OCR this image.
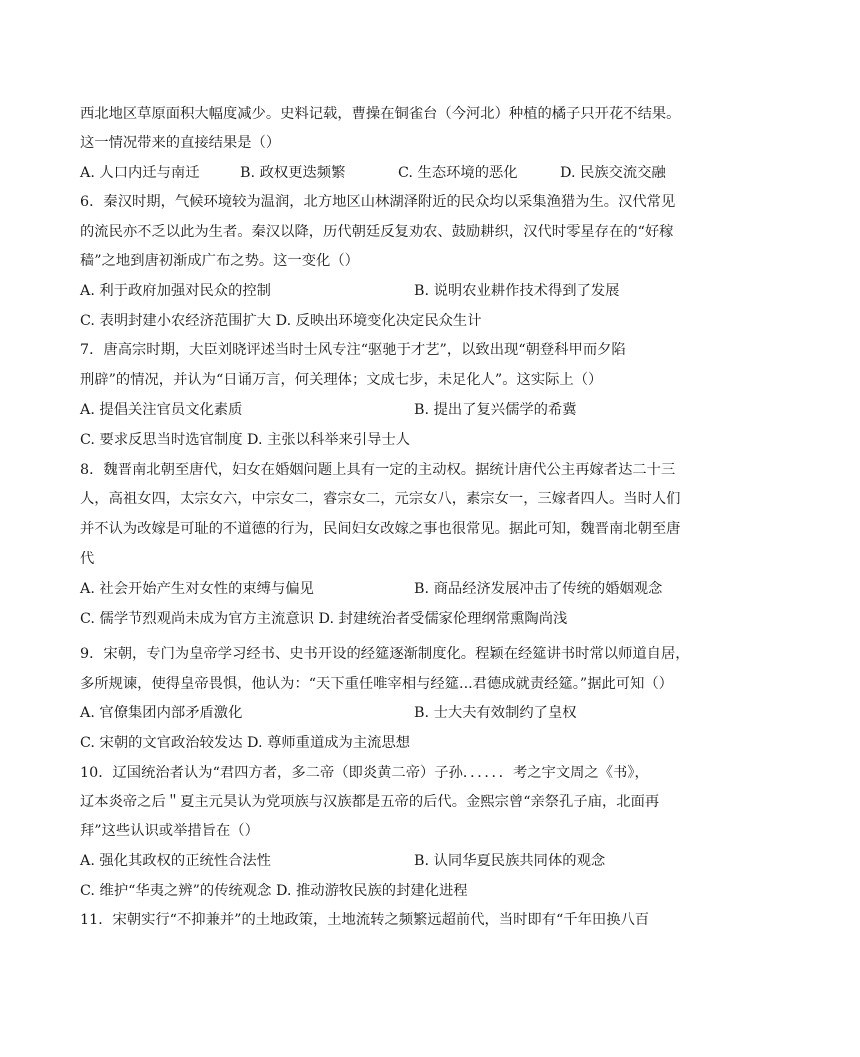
西北地区草原面积大幅度减少。史料记载，曹操在铜雀台（今河北）种植的橘子只开花不结果。
这一情况带来的直接结果是（）
A. 人口内迁与南迁	B. 政权更迭频繁	C. 生态环境的恶化	D. 民族交流交融
6．秦汉时期，气候环境较为温润，北方地区山林湖泽附近的民众均以采集渔猎为生。汉代常见
的流民亦不乏以此为生者。秦汉以降，历代朝廷反复劝农、鼓励耕织，汉代时零星存在的“好稼
穑”之地到唐初渐成广布之势。这一变化（）
A. 利于政府加强对民众的控制	B. 说明农业耕作技术得到了发展
C. 表明封建小农经济范围扩大 D. 反映出环境变化决定民众生计
7．唐高宗时期，大臣刘晓评述当时士风专注“驱驰于才艺”，以致出现“朝登科甲而夕陷
刑辟”的情况，并认为“日诵万言，何关理体；文成七步，未足化人”。这实际上（）
A. 提倡关注官员文化素质	B. 提出了复兴儒学的希冀
C. 要求反思当时选官制度 D. 主张以科举来引导士人
8．魏晋南北朝至唐代，妇女在婚姻问题上具有一定的主动权。据统计唐代公主再嫁者达二十三
人，高祖女四，太宗女六，中宗女二，睿宗女二，元宗女八，素宗女一，三嫁者四人。当时人们
并不认为改嫁是可耻的不道德的行为，民间妇女改嫁之事也很常见。据此可知，魏晋南北朝至唐
代
A. 社会开始产生对女性的束缚与偏见	B. 商品经济发展冲击了传统的婚姻观念
C. 儒学节烈观尚未成为官方主流意识 D. 封建统治者受儒家伦理纲常熏陶尚浅
9．宋朝，专门为皇帝学习经书、史书开设的经筵逐渐制度化。程颖在经筵讲书时常以师道自居，
多所规谏，使得皇帝畏惧，他认为：“天下重任唯宰相与经筵...君德成就责经筵。”据此可知（）
A. 官僚集团内部矛盾激化	B. 士大夫有效制约了皇权
C. 宋朝的文官政治较发达 D. 尊师重道成为主流思想
10．辽国统治者认为“君四方者，多二帝（即炎黄二帝）子孙．．．．．．考之宇文周之《书》，
辽本炎帝之后＂夏主元昊认为党项族与汉族都是五帝的后代。金熙宗曾“亲祭孔子庙，北面再
拜”这些认识或举措旨在（）
A. 强化其政权的正统性合法性	B. 认同华夏民族共同体的观念
C. 维护“华夷之辨”的传统观念 D. 推动游牧民族的封建化进程
11．宋朝实行“不抑兼并”的土地政策，土地流转之频繁远超前代，当时即有“千年田换八百
